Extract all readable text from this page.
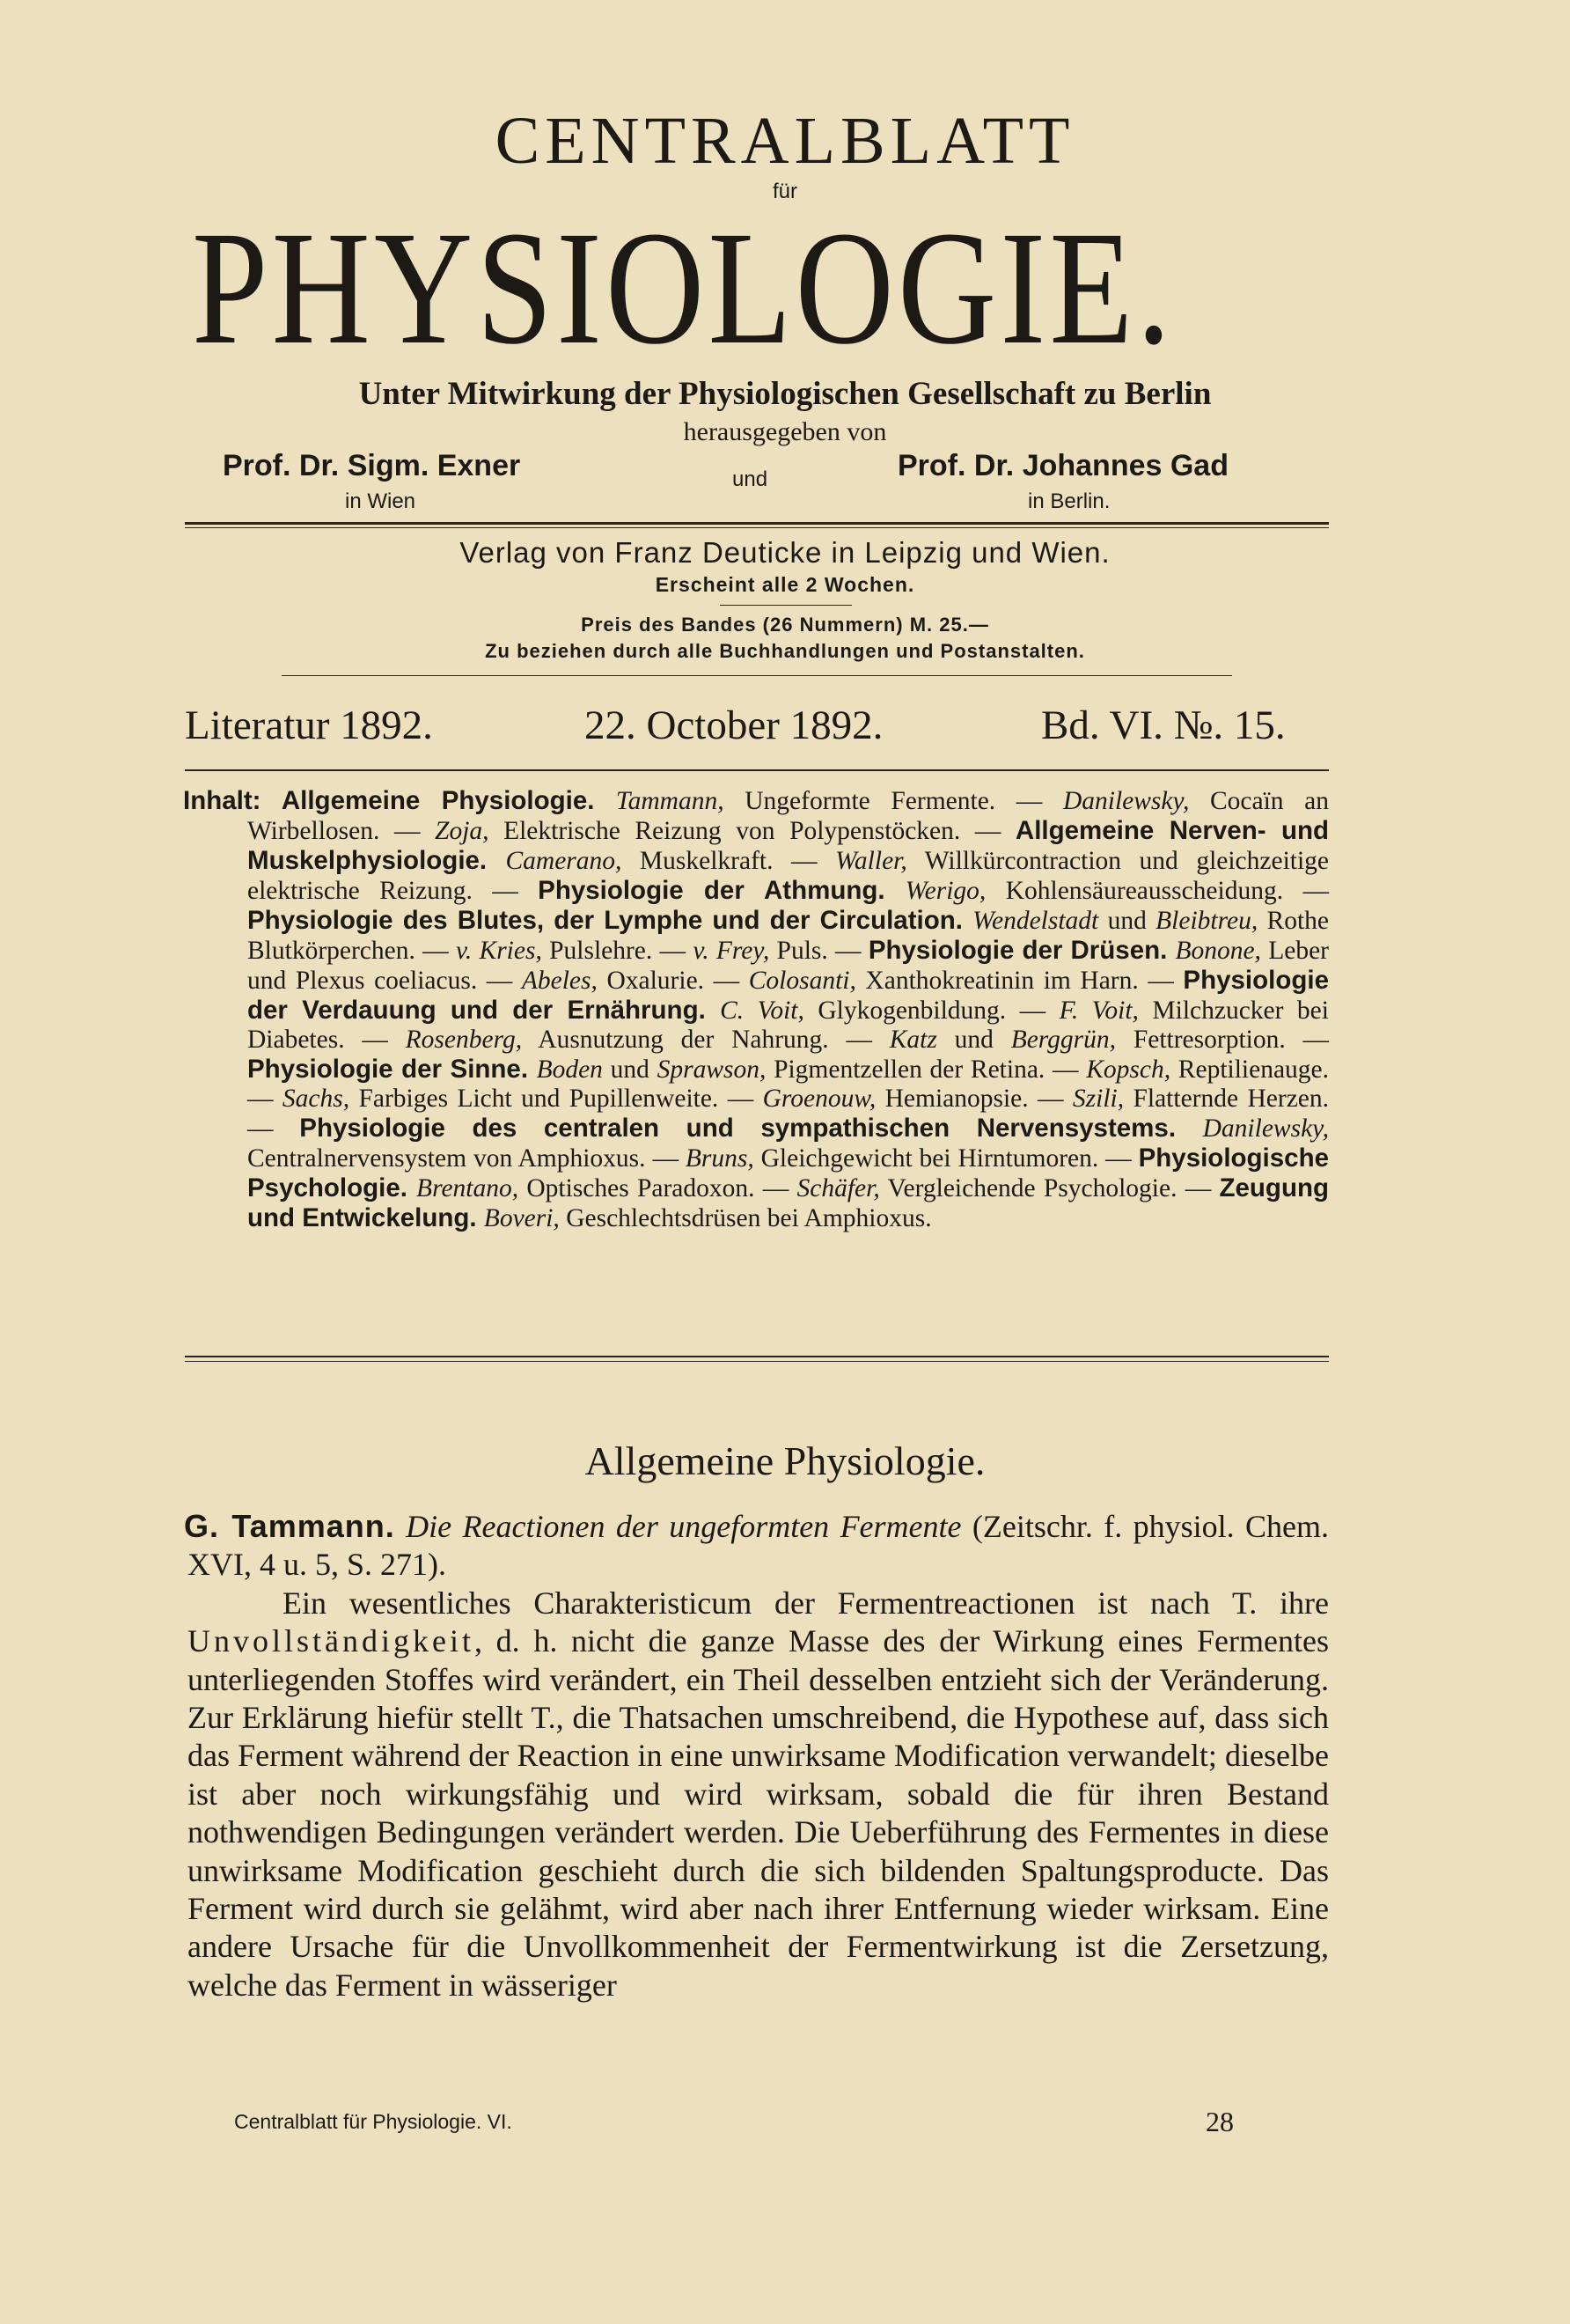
CENTRALBLATT
für
PHYSIOLOGIE.
Unter Mitwirkung der Physiologischen Gesellschaft zu Berlin
herausgegeben von
Prof. Dr. Sigm. Exner
in Wien
und	Prof. Dr. Johannes Gad
in Berlin.
Verlag von Franz Deuticke in Leipzig und Wien.
Erscheint alle 2 Wochen.
Preis des Bandes (26 Nummern) M. 25.—
Zu beziehen durch alle Buchhandlungen und Postanstalten.
Literatur 1892.	22. October 1892.	Bd. VI. №. 15.

Inhalt: Allgemeine Physiologie. Tammann, Ungeformte Fermente. — Danilewsky, Cocaïn an Wirbellosen. — Zoja, Elektrische Reizung von Polypenstöcken. — Allgemeine Nerven- und Muskelphysiologie. Camerano, Muskelkraft. — Waller, Willkürcontraction und gleichzeitige elektrische Reizung. — Physiologie der Athmung. Werigo, Kohlensäureausscheidung. — Physiologie des Blutes, der Lymphe und der Circulation. Wendelstadt und Bleibtreu, Rothe Blutkörperchen. — v. Kries, Pulslehre. — v. Frey, Puls. — Physiologie der Drüsen. Bonone, Leber und Plexus coeliacus. — Abeles, Oxalurie. — Colosanti, Xanthokreatinin im Harn. — Physiologie der Verdauung und der Ernährung. C. Voit, Glykogenbildung. — F. Voit, Milchzucker bei Diabetes. — Rosenberg, Ausnutzung der Nahrung. — Katz und Berggrün, Fettresorption. — Physiologie der Sinne. Boden und Sprawson, Pigmentzellen der Retina. — Kopsch, Reptilienauge. — Sachs, Farbiges Licht und Pupillenweite. — Groenouw, Hemianopsie. — Szili, Flatternde Herzen. — Physiologie des centralen und sympathischen Nervensystems. Danilewsky, Centralnervensystem von Amphioxus. — Bruns, Gleichgewicht bei Hirntumoren. — Physiologische Psychologie. Brentano, Optisches Paradoxon. — Schäfer, Vergleichende Psychologie. — Zeugung und Entwickelung. Boveri, Geschlechtsdrüsen bei Amphioxus.

Allgemeine Physiologie.

G. Tammann. Die Reactionen der ungeformten Fermente (Zeitschr. f. physiol. Chem. XVI, 4 u. 5, S. 271).

Ein wesentliches Charakteristicum der Fermentreactionen ist nach T. ihre Unvollständigkeit, d. h. nicht die ganze Masse des der Wirkung eines Fermentes unterliegenden Stoffes wird verändert, ein Theil desselben entzieht sich der Veränderung. Zur Erklärung hiefür stellt T., die Thatsachen umschreibend, die Hypothese auf, dass sich das Ferment während der Reaction in eine unwirksame Modification verwandelt; dieselbe ist aber noch wirkungsfähig und wird wirksam, sobald die für ihren Bestand nothwendigen Bedingungen verändert werden. Die Ueberführung des Fermentes in diese unwirksame Modification geschieht durch die sich bildenden Spaltungsproducte. Das Ferment wird durch sie gelähmt, wird aber nach ihrer Entfernung wieder wirksam. Eine andere Ursache für die Unvollkommenheit der Fermentwirkung ist die Zersetzung, welche das Ferment in wässeriger

Centralblatt für Physiologie. VI.	28
